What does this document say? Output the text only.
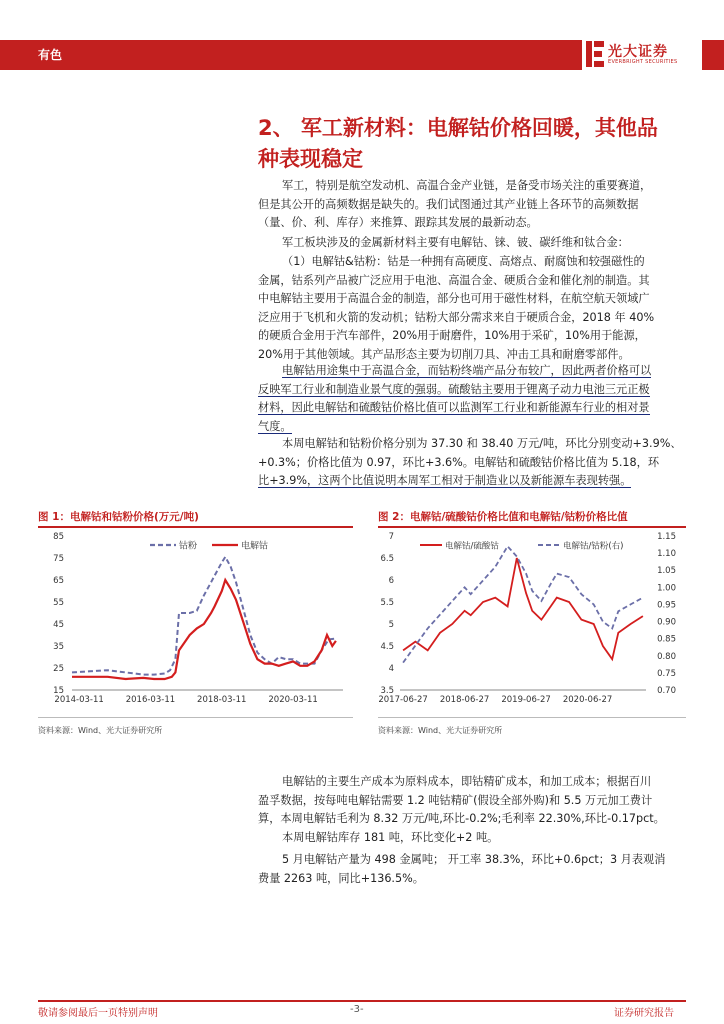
有色	光大证券
EVERBRIGHT SECURITIES
2、 军工新材料：电解钴价格回暖，其他品
种表现稳定
军工，特别是航空发动机、高温合金产业链，是备受市场关注的重要赛道，
但是其公开的高频数据是缺失的。我们试图通过其产业链上各环节的高频数据
（量、价、利、库存）来推算、跟踪其发展的最新动态。
军工板块涉及的金属新材料主要有电解钴、铼、铍、碳纤维和钛合金：
（1）电解钴&钴粉：钴是一种拥有高硬度、高熔点、耐腐蚀和较强磁性的
金属，钴系列产品被广泛应用于电池、高温合金、硬质合金和催化剂的制造。其
中电解钴主要用于高温合金的制造，部分也可用于磁性材料，在航空航天领域广
泛应用于飞机和火箭的发动机；钴粉大部分需求来自于硬质合金，2018 年 40%
的硬质合金用于汽车部件，20%用于耐磨件，10%用于采矿，10%用于能源，
20%用于其他领域。其产品形态主要为切削刀具、冲击工具和耐磨零部件。
电解钴用途集中于高温合金，而钴粉终端产品分布较广，因此两者价格可以
反映军工行业和制造业景气度的强弱。硫酸钴主要用于锂离子动力电池三元正极
材料，因此电解钴和硫酸钴价格比值可以监测军工行业和新能源车行业的相对景
气度。
本周电解钴和钴粉价格分别为 37.30 和 38.40 万元/吨，环比分别变动+3.9%、
+0.3%；价格比值为 0.97，环比+3.6%。电解钴和硫酸钴价格比值为 5.18，环
比+3.9%，这两个比值说明本周军工相对于制造业以及新能源车表现转强。
图 1：电解钴和钴粉价格(万元/吨)
15
25
35
45
55
65
75
85
2014-03-11	2016-03-11	2018-03-11	2020-03-11
钴粉	电解钴
资料来源：Wind、光大证券研究所
图 2：电解钴/硫酸钴价格比值和电解钴/钴粉价格比值
3.5
4
4.5
5
5.5
6
6.5
7
0.70
0.75
0.80
0.85
0.90
0.95
1.00
1.05
1.10
1.15
2017-06-27 2018-06-27 2019-06-27 2020-06-27
电解钴/硫酸钴	电解钴/钴粉(右)
资料来源：Wind、光大证券研究所
电解钴的主要生产成本为原料成本，即钴精矿成本，和加工成本；根据百川
盈孚数据，按每吨电解钴需要 1.2 吨钴精矿(假设全部外购)和 5.5 万元加工费计
算，本周电解钴毛利为 8.32 万元/吨,环比-0.2%;毛利率 22.30%,环比-0.17pct。
本周电解钴库存 181 吨，环比变化+2 吨。
5 月电解钴产量为 498 金属吨； 开工率 38.3%，环比+0.6pct；3 月表观消
费量 2263 吨，同比+136.5%。
敬请参阅最后一页特别声明	-3-	证券研究报告
